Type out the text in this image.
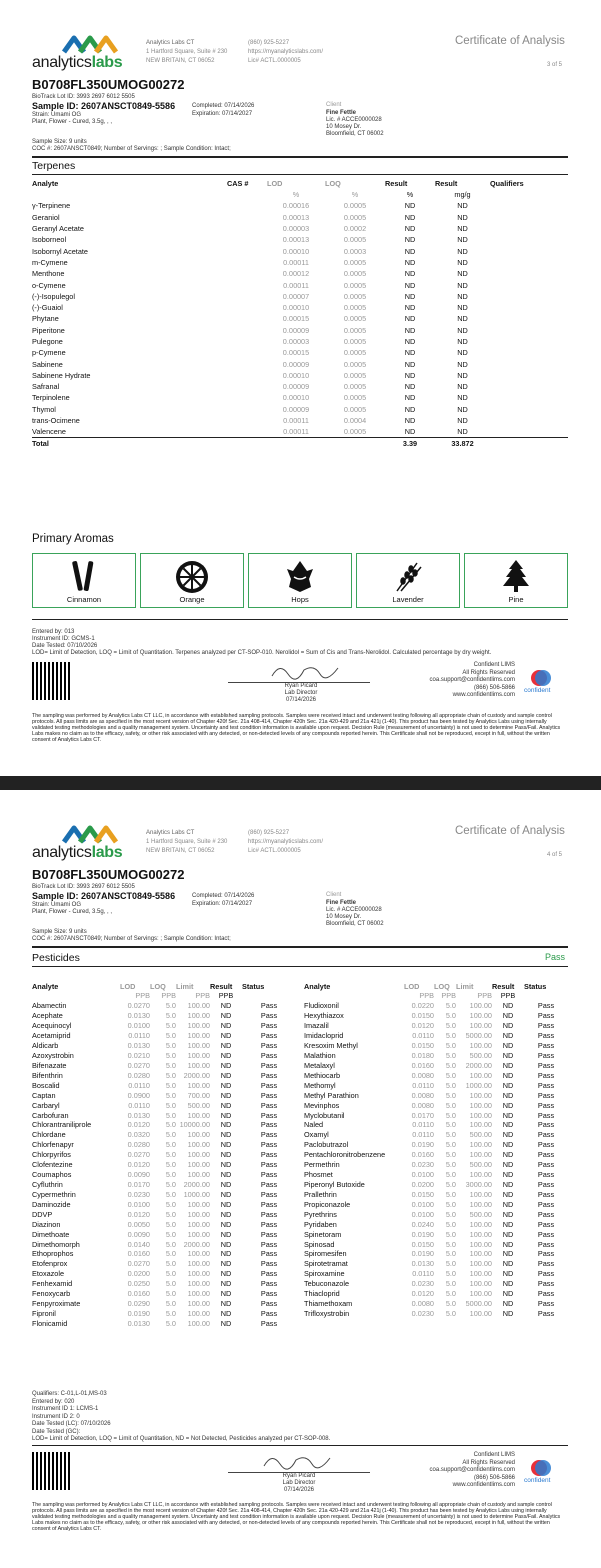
analyticslabs
Analytics Labs CT
1 Hartford Square, Suite # 230
NEW BRITAIN, CT 06052
(860) 925-5227
https://myanalyticslabs.com/
Lic# ACTL.0000005
Certificate of Analysis
3 of 5
B0708FL350UMOG00272
BioTrack Lot ID: 3993 2697 6012 5505
Sample ID: 2607ANSCT0849-5586
Strain: Umami OG
Plant, Flower - Cured, 3.5g, , ,
Completed: 07/14/2026
Expiration: 07/14/2027
Client
Fine Fettle
Lic. # ACCE0000028
10 Mosey Dr.
Bloomfield, CT 06002
Sample Size: 9 units
COC #: 2607ANSCT0849; Number of Servings: ; Sample Condition: Intact;
Terpenes
Analyte	CAS #	LOD	LOQ	Result	Result	Qualifiers
		%	%	%	mg/g	
γ-Terpinene		0.00016	0.0005	ND	ND	
Geraniol		0.00013	0.0005	ND	ND	
Geranyl Acetate		0.00003	0.0002	ND	ND	
Isoborneol		0.00013	0.0005	ND	ND	
Isobornyl Acetate		0.00010	0.0003	ND	ND	
m-Cymene		0.00011	0.0005	ND	ND	
Menthone		0.00012	0.0005	ND	ND	
o-Cymene		0.00011	0.0005	ND	ND	
(-)-Isopulegol		0.00007	0.0005	ND	ND	
(-)-Guaiol		0.00010	0.0005	ND	ND	
Phytane		0.00015	0.0005	ND	ND	
Piperitone		0.00009	0.0005	ND	ND	
Pulegone		0.00003	0.0005	ND	ND	
p-Cymene		0.00015	0.0005	ND	ND	
Sabinene		0.00009	0.0005	ND	ND	
Sabinene Hydrate		0.00010	0.0005	ND	ND	
Safranal		0.00009	0.0005	ND	ND	
Terpinolene		0.00010	0.0005	ND	ND	
Thymol		0.00009	0.0005	ND	ND	
trans-Ocimene		0.00011	0.0004	ND	ND	
Valencene		0.00011	0.0005	ND	ND	
Total				3.39	33.872	
Primary Aromas
Cinnamon	Orange	Hops	Lavender	Pine
Entered by: 013
Instrument ID: GCMS-1
Date Tested: 07/10/2026
LOD= Limit of Detection, LOQ = Limit of Quantitation. Terpenes analyzed per CT-SOP-010. Nerolidol = Sum of Cis and Trans-Nerolidol. Calculated percentage by dry weight.
Ryan Picard
Lab Director
07/14/2026
Confident LIMS
All Rights Reserved
coa.support@confidentlims.com
(866) 506-5866
www.confidentlims.com
confident
The sampling was performed by Analytics Labs CT LLC, in accordance with established sampling protocols. Samples were received intact and underwent testing following all appropriate chain of custody and sample control protocols. All pass limits are as specified in the most recent version of Chapter 420f Sec. 21a 408-414, Chapter 420h Sec. 21a 420-429 and 21a 421j (1-40). This product has been tested by Analytics Labs using internally validated testing methodologies and a quality management system. Uncertainty and test condition information is available upon request. Decision Rule (measurement of uncertainty) is not used to determine Pass/Fail. Analytics Labs makes no claim as to the efficacy, safety, or other risk associated with any detected, or non-detected levels of any compounds reported herein. This Certificate shall not be reproduced, except in full, without the written consent of Analytics Labs CT.
analyticslabs
Analytics Labs CT
1 Hartford Square, Suite # 230
NEW BRITAIN, CT 06052
(860) 925-5227
https://myanalyticslabs.com/
Lic# ACTL.0000005
Certificate of Analysis
4 of 5
B0708FL350UMOG00272
BioTrack Lot ID: 3993 2697 6012 5505
Sample ID: 2607ANSCT0849-5586
Strain: Umami OG
Plant, Flower - Cured, 3.5g, , ,
Completed: 07/14/2026
Expiration: 07/14/2027
Client
Fine Fettle
Lic. # ACCE0000028
10 Mosey Dr.
Bloomfield, CT 06002
Sample Size: 9 units
COC #: 2607ANSCT0849; Number of Servings: ; Sample Condition: Intact;
Pesticides	Pass
Qualifiers: C-01,L-01,MS-03
Entered by: 020
Instrument ID 1: LCMS-1
Instrument ID 2: 0
Date Tested (LC): 07/10/2026
Date Tested (GC):
LOD= Limit of Detection, LOQ = Limit of Quantitation, ND = Not Detected, Pesticides analyzed per CT-SOP-008.
Ryan Picard
Lab Director
07/14/2026
Confident LIMS
All Rights Reserved
coa.support@confidentlims.com
(866) 506-5866
www.confidentlims.com
confident
The sampling was performed by Analytics Labs CT LLC, in accordance with established sampling protocols. Samples were received intact and underwent testing following all appropriate chain of custody and sample control protocols. All pass limits are as specified in the most recent version of Chapter 420f Sec. 21a 408-414, Chapter 420h Sec. 21a 420-429 and 21a 421j (1-40). This product has been tested by Analytics Labs using internally validated testing methodologies and a quality management system. Uncertainty and test condition information is available upon request. Decision Rule (measurement of uncertainty) is not used to determine Pass/Fail. Analytics Labs makes no claim as to the efficacy, safety, or other risk associated with any detected, or non-detected levels of any compounds reported herein. This Certificate shall not be reproduced, except in full, without the written consent of Analytics Labs CT.
Analyte	LOD	LOQ	Limit	Result	Status
	PPB	PPB	PPB	PPB	
Abamectin	0.0270	5.0	100.00	ND	Pass
Acephate	0.0130	5.0	100.00	ND	Pass
Acequinocyl	0.0100	5.0	100.00	ND	Pass
Acetamiprid	0.0110	5.0	100.00	ND	Pass
Aldicarb	0.0130	5.0	100.00	ND	Pass
Azoxystrobin	0.0210	5.0	100.00	ND	Pass
Bifenazate	0.0270	5.0	100.00	ND	Pass
Bifenthrin	0.0280	5.0	2000.00	ND	Pass
Boscalid	0.0110	5.0	100.00	ND	Pass
Captan	0.0900	5.0	700.00	ND	Pass
Carbaryl	0.0110	5.0	500.00	ND	Pass
Carbofuran	0.0130	5.0	100.00	ND	Pass
Chlorantraniliprole	0.0120	5.0	10000.00	ND	Pass
Chlordane	0.0320	5.0	100.00	ND	Pass
Chlorfenapyr	0.0280	5.0	100.00	ND	Pass
Chlorpyrifos	0.0270	5.0	100.00	ND	Pass
Clofentezine	0.0120	5.0	100.00	ND	Pass
Coumaphos	0.0090	5.0	100.00	ND	Pass
Cyfluthrin	0.0170	5.0	2000.00	ND	Pass
Cypermethrin	0.0230	5.0	1000.00	ND	Pass
Daminozide	0.0100	5.0	100.00	ND	Pass
DDVP	0.0120	5.0	100.00	ND	Pass
Diazinon	0.0050	5.0	100.00	ND	Pass
Dimethoate	0.0090	5.0	100.00	ND	Pass
Dimethomorph	0.0140	5.0	2000.00	ND	Pass
Ethoprophos	0.0160	5.0	100.00	ND	Pass
Etofenprox	0.0270	5.0	100.00	ND	Pass
Etoxazole	0.0200	5.0	100.00	ND	Pass
Fenhexamid	0.0250	5.0	100.00	ND	Pass
Fenoxycarb	0.0160	5.0	100.00	ND	Pass
Fenpyroximate	0.0290	5.0	100.00	ND	Pass
Fipronil	0.0190	5.0	100.00	ND	Pass
Flonicamid	0.0130	5.0	100.00	ND	Pass
Analyte	LOD	LOQ	Limit	Result	Status
	PPB	PPB	PPB	PPB	
Fludioxonil	0.0220	5.0	100.00	ND	Pass
Hexythiazox	0.0150	5.0	100.00	ND	Pass
Imazalil	0.0120	5.0	100.00	ND	Pass
Imidacloprid	0.0110	5.0	5000.00	ND	Pass
Kresoxim Methyl	0.0150	5.0	100.00	ND	Pass
Malathion	0.0180	5.0	500.00	ND	Pass
Metalaxyl	0.0160	5.0	2000.00	ND	Pass
Methiocarb	0.0080	5.0	100.00	ND	Pass
Methomyl	0.0110	5.0	1000.00	ND	Pass
Methyl Parathion	0.0080	5.0	100.00	ND	Pass
Mevinphos	0.0080	5.0	100.00	ND	Pass
Myclobutanil	0.0170	5.0	100.00	ND	Pass
Naled	0.0110	5.0	100.00	ND	Pass
Oxamyl	0.0110	5.0	500.00	ND	Pass
Paclobutrazol	0.0190	5.0	100.00	ND	Pass
Pentachloronitrobenzene	0.0160	5.0	100.00	ND	Pass
Permethrin	0.0230	5.0	500.00	ND	Pass
Phosmet	0.0100	5.0	100.00	ND	Pass
Piperonyl Butoxide	0.0200	5.0	3000.00	ND	Pass
Prallethrin	0.0150	5.0	100.00	ND	Pass
Propiconazole	0.0100	5.0	100.00	ND	Pass
Pyrethrins	0.0100	5.0	500.00	ND	Pass
Pyridaben	0.0240	5.0	100.00	ND	Pass
Spinetoram	0.0190	5.0	100.00	ND	Pass
Spinosad	0.0150	5.0	100.00	ND	Pass
Spiromesifen	0.0190	5.0	100.00	ND	Pass
Spirotetramat	0.0130	5.0	100.00	ND	Pass
Spiroxamine	0.0110	5.0	100.00	ND	Pass
Tebuconazole	0.0230	5.0	100.00	ND	Pass
Thiacloprid	0.0120	5.0	100.00	ND	Pass
Thiamethoxam	0.0080	5.0	5000.00	ND	Pass
Trifloxystrobin	0.0230	5.0	100.00	ND	Pass
